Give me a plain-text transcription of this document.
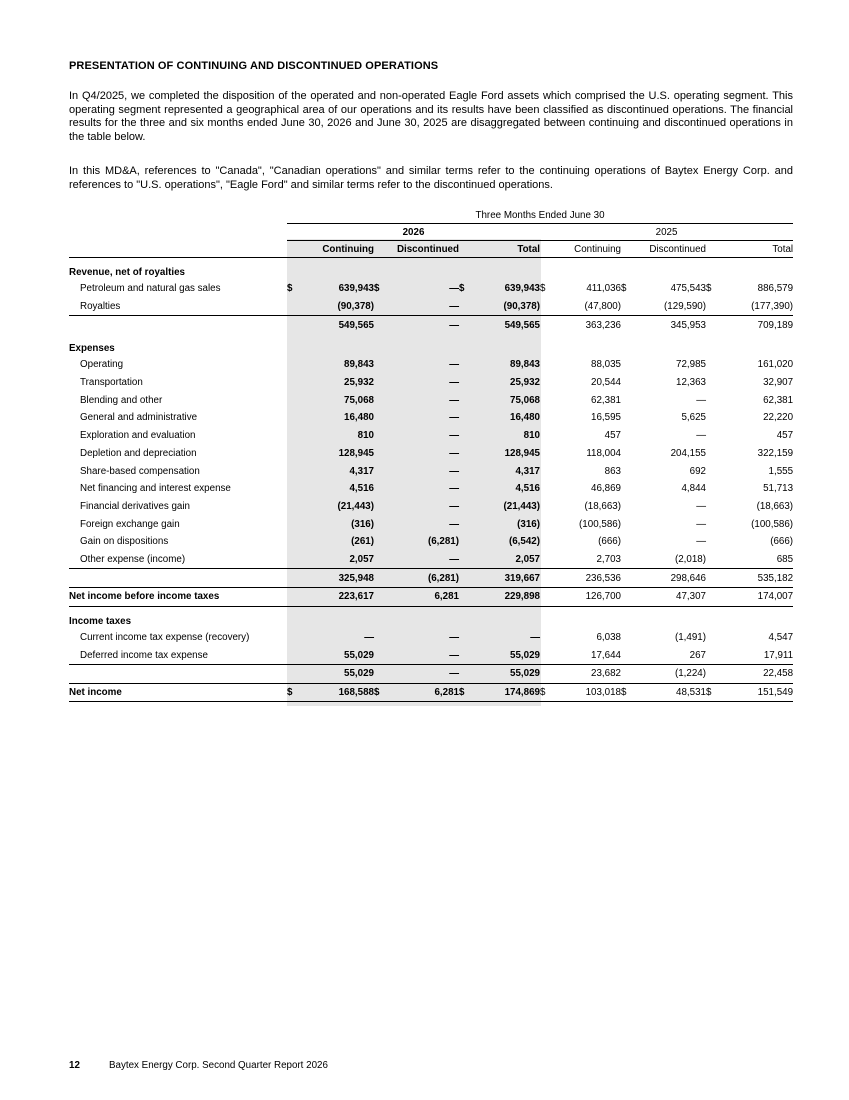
PRESENTATION OF CONTINUING AND DISCONTINUED OPERATIONS

In Q4/2025, we completed the disposition of the operated and non-operated Eagle Ford assets which comprised the U.S. operating segment. This operating segment represented a geographical area of our operations and its results have been classified as discontinued operations. The financial results for the three and six months ended June 30, 2026 and June 30, 2025 are disaggregated between continuing and discontinued operations in the table below.

In this MD&A, references to "Canada", "Canadian operations" and similar terms refer to the continuing operations of Baytex Energy Corp. and references to "U.S. operations", "Eagle Ford" and similar terms refer to the discontinued operations.

	Three Months Ended June 30											
	2026						2025					
	Continuing		Discontinued		Total		Continuing		Discontinued		Total	
Revenue, net of royalties												
Petroleum and natural gas sales	$	639,943	$	—	$	639,943	$	411,036	$	475,543	$	886,579
Royalties		(90,378)		—		(90,378)		(47,800)		(129,590)		(177,390)
		549,565		—		549,565		363,236		345,953		709,189
Expenses												
Operating		89,843		—		89,843		88,035		72,985		161,020
Transportation		25,932		—		25,932		20,544		12,363		32,907
Blending and other		75,068		—		75,068		62,381		—		62,381
General and administrative		16,480		—		16,480		16,595		5,625		22,220
Exploration and evaluation		810		—		810		457		—		457
Depletion and depreciation		128,945		—		128,945		118,004		204,155		322,159
Share-based compensation		4,317		—		4,317		863		692		1,555
Net financing and interest expense		4,516		—		4,516		46,869		4,844		51,713
Financial derivatives gain		(21,443)		—		(21,443)		(18,663)		—		(18,663)
Foreign exchange gain		(316)		—		(316)		(100,586)		—		(100,586)
Gain on dispositions		(261)		(6,281)		(6,542)		(666)		—		(666)
Other expense (income)		2,057		—		2,057		2,703		(2,018)		685
		325,948		(6,281)		319,667		236,536		298,646		535,182
Net income before income taxes		223,617		6,281		229,898		126,700		47,307		174,007
Income taxes												
Current income tax expense (recovery)		—		—		—		6,038		(1,491)		4,547
Deferred income tax expense		55,029		—		55,029		17,644		267		17,911
		55,029		—		55,029		23,682		(1,224)		22,458
Net income	$	168,588	$	6,281	$	174,869	$	103,018	$	48,531	$	151,549
12	Baytex Energy Corp. Second Quarter Report 2026
